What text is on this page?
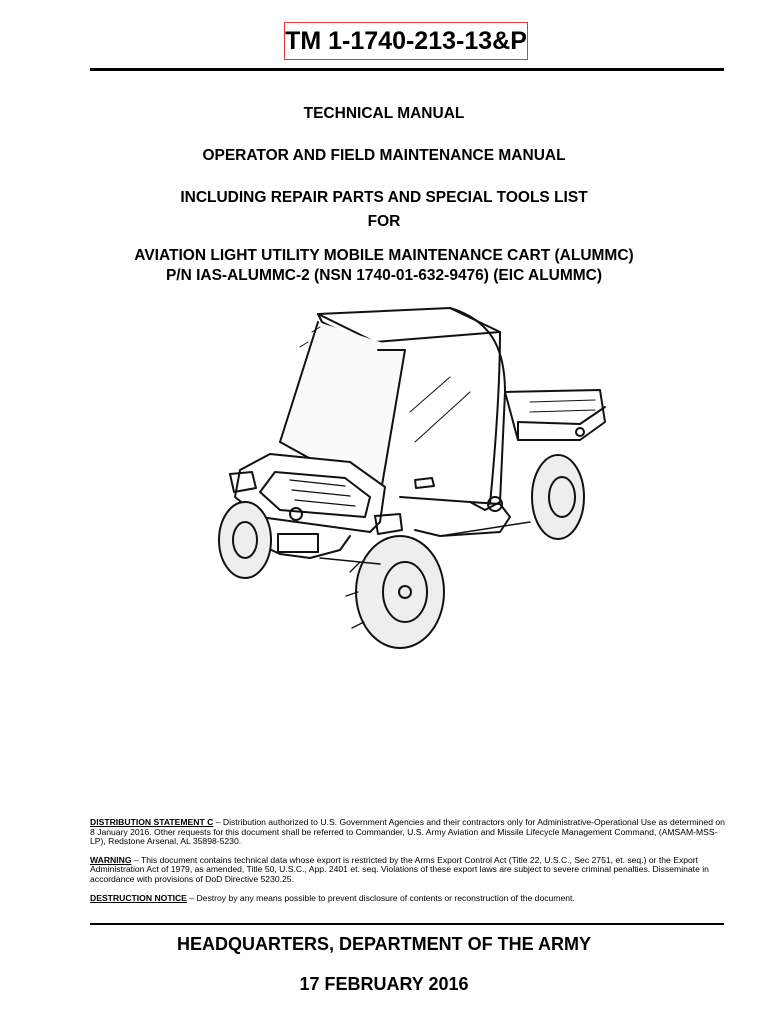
TM 1-1740-213-13&P
TECHNICAL MANUAL
OPERATOR AND FIELD MAINTENANCE MANUAL
INCLUDING REPAIR PARTS AND SPECIAL TOOLS LIST
FOR
AVIATION LIGHT UTILITY MOBILE MAINTENANCE CART (ALUMMC)
P/N IAS-ALUMMC-2 (NSN 1740-01-632-9476) (EIC ALUMMC)

DISTRIBUTION STATEMENT C – Distribution authorized to U.S. Government Agencies and their contractors only for Administrative-Operational Use as determined on 8 January 2016. Other requests for this document shall be referred to Commander, U.S. Army Aviation and Missile Lifecycle Management Command, (AMSAM-MSS-LP), Redstone Arsenal, AL 35898-5230.

WARNING – This document contains technical data whose export is restricted by the Arms Export Control Act (Title 22, U.S.C., Sec 2751, et. seq.) or the Export Administration Act of 1979, as amended, Title 50, U.S.C., App. 2401 et. seq. Violations of these export laws are subject to severe criminal penalties. Disseminate in accordance with provisions of DoD Directive 5230.25.

DESTRUCTION NOTICE – Destroy by any means possible to prevent disclosure of contents or reconstruction of the document.

HEADQUARTERS, DEPARTMENT OF THE ARMY
17 FEBRUARY 2016
